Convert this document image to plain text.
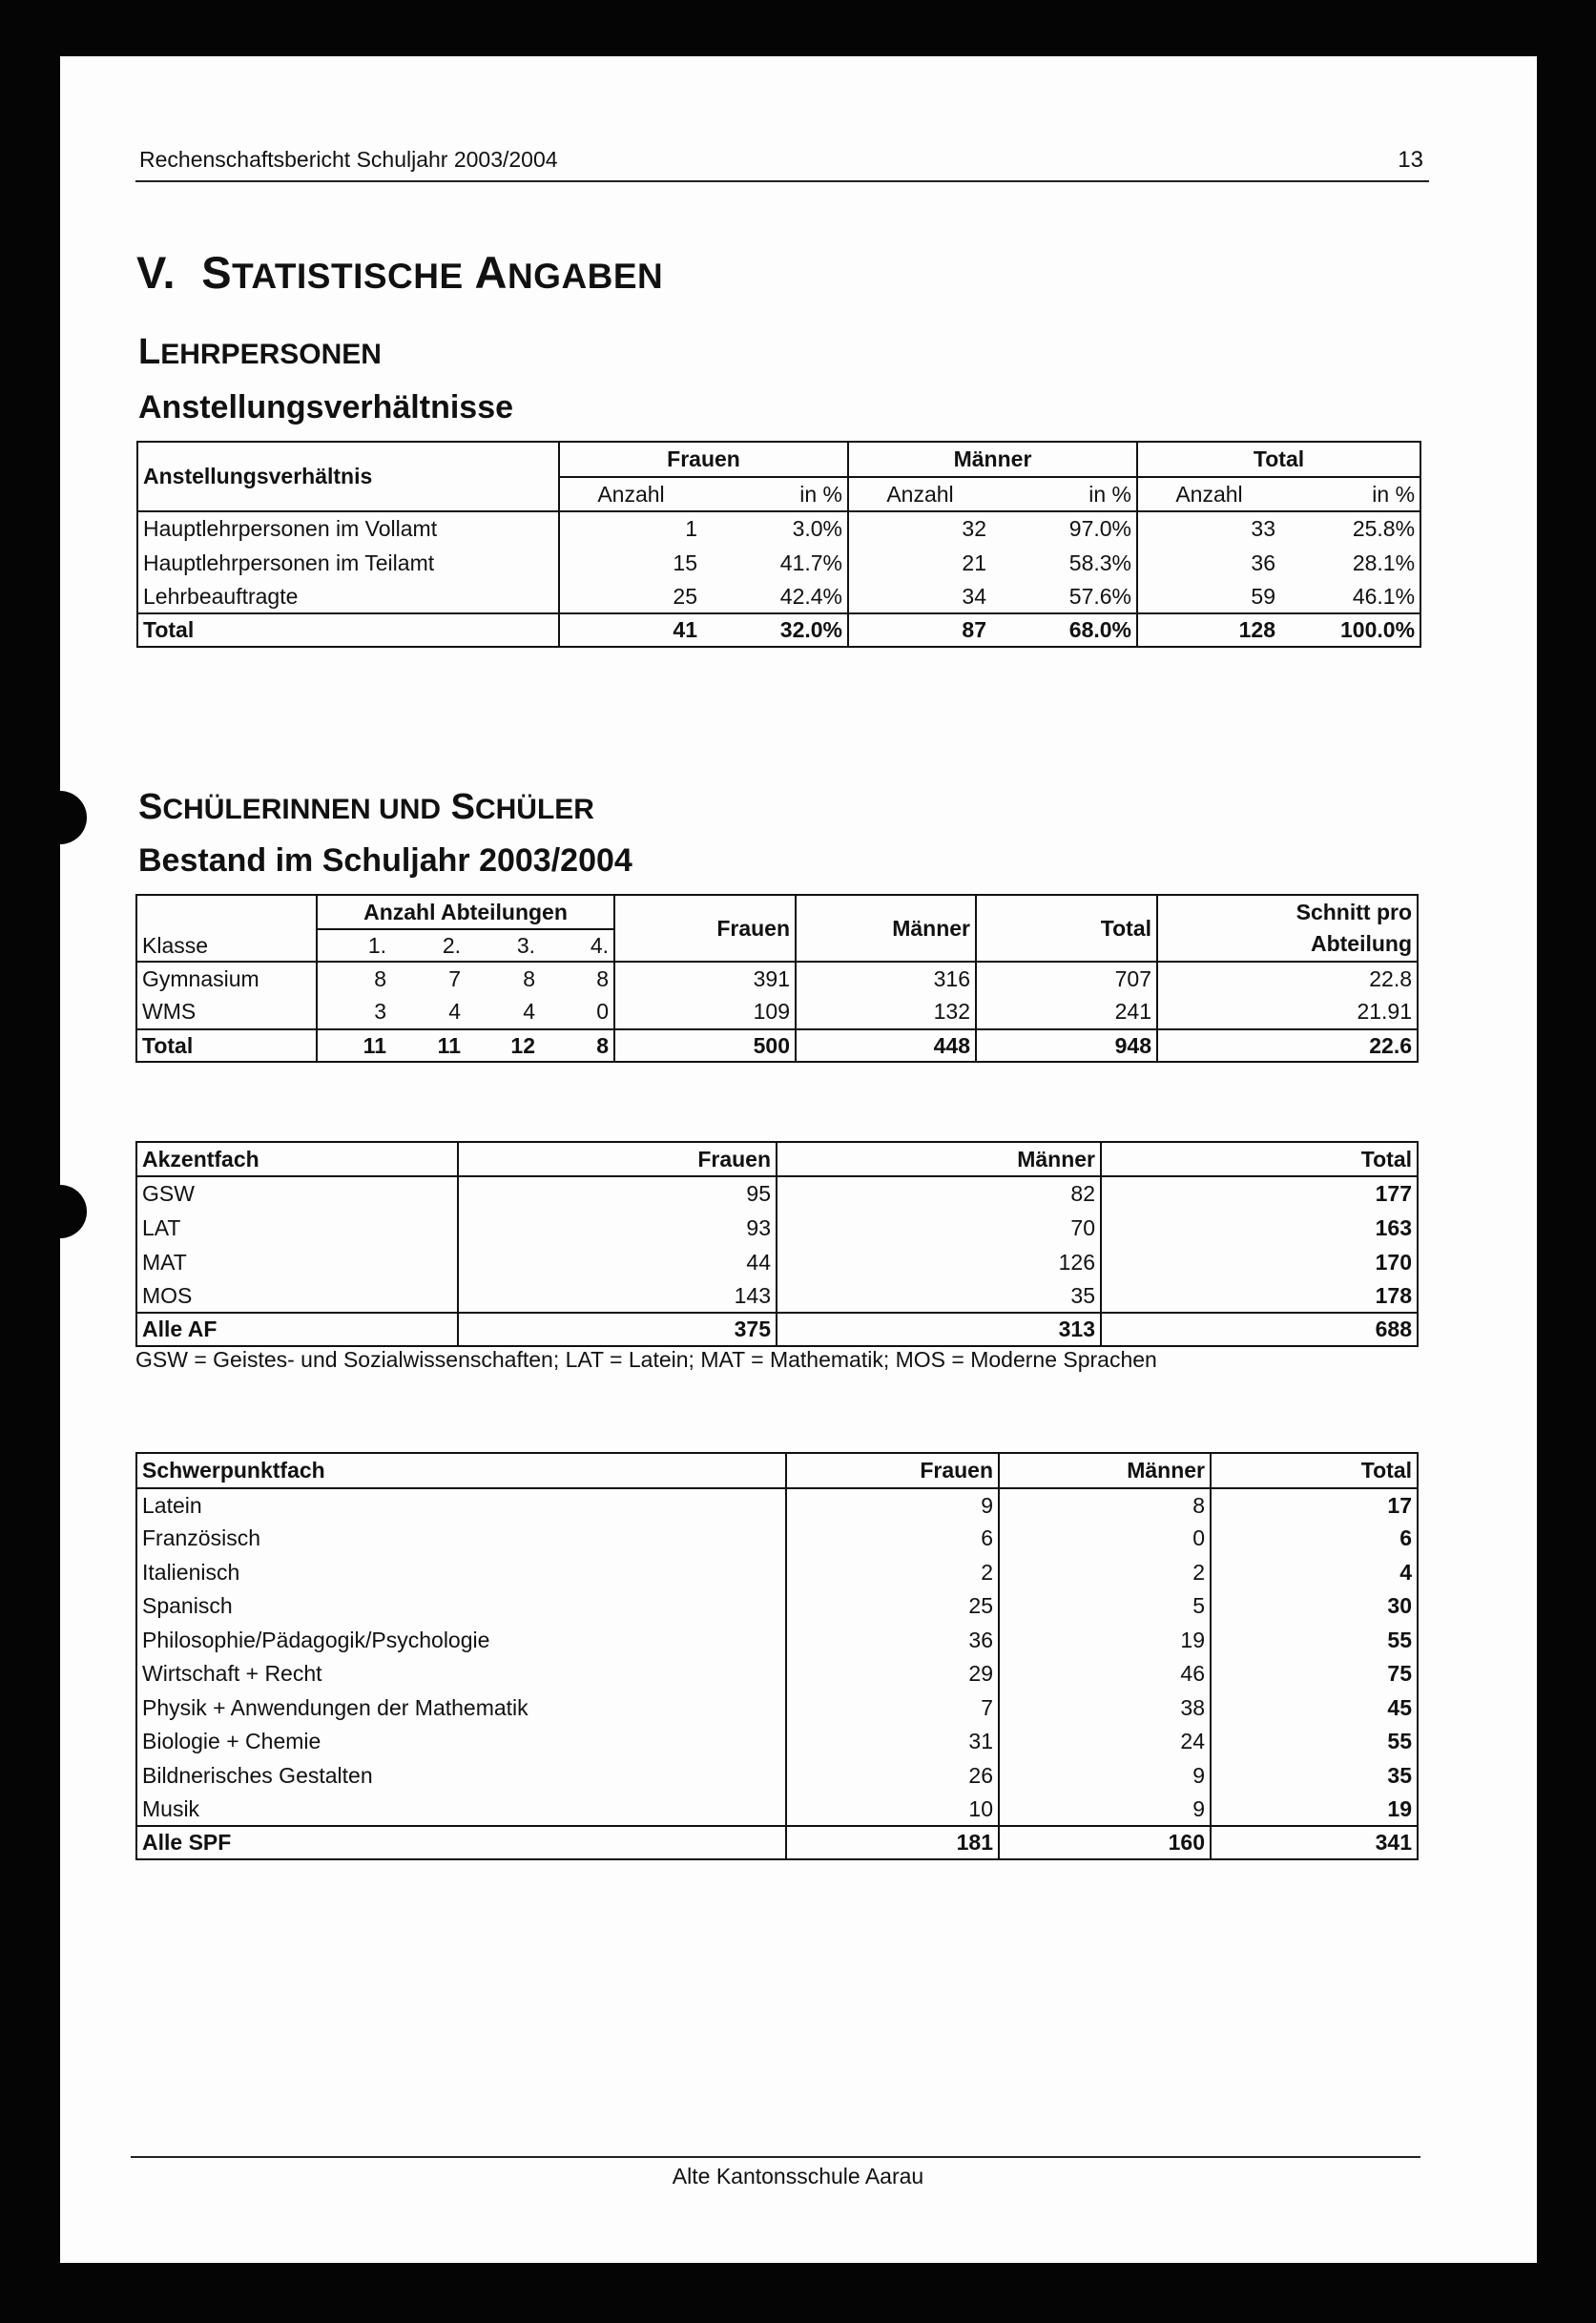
Rechenschaftsbericht Schuljahr 2003/2004	13
V. STATISTISCHE ANGABEN
LEHRPERSONEN
Anstellungsverhältnisse
Anstellungsverhältnis	Frauen		Männer		Total	
	Anzahl	in %	Anzahl	in %	Anzahl	in %
Hauptlehrpersonen im Vollamt	1	3.0%	32	97.0%	33	25.8%
Hauptlehrpersonen im Teilamt	15	41.7%	21	58.3%	36	28.1%
Lehrbeauftragte	25	42.4%	34	57.6%	59	46.1%
Total	41	32.0%	87	68.0%	128	100.0%
SCHÜLERINNEN UND SCHÜLER
Bestand im Schuljahr 2003/2004
Klasse	Anzahl Abteilungen				Frauen	Männer	Total	Schnitt pro
Abteilung
	1.	2.	3.	4.				
Gymnasium	8	7	8	8	391	316	707	22.8
WMS	3	4	4	0	109	132	241	21.91
Total	11	11	12	8	500	448	948	22.6
Akzentfach	Frauen	Männer	Total
GSW	95	82	177
LAT	93	70	163
MAT	44	126	170
MOS	143	35	178
Alle AF	375	313	688
GSW = Geistes- und Sozialwissenschaften; LAT = Latein; MAT = Mathematik; MOS = Moderne Sprachen
Schwerpunktfach	Frauen	Männer	Total
Latein	9	8	17
Französisch	6	0	6
Italienisch	2	2	4
Spanisch	25	5	30
Philosophie/Pädagogik/Psychologie	36	19	55
Wirtschaft + Recht	29	46	75
Physik + Anwendungen der Mathematik	7	38	45
Biologie + Chemie	31	24	55
Bildnerisches Gestalten	26	9	35
Musik	10	9	19
Alle SPF	181	160	341
Alte Kantonsschule Aarau
